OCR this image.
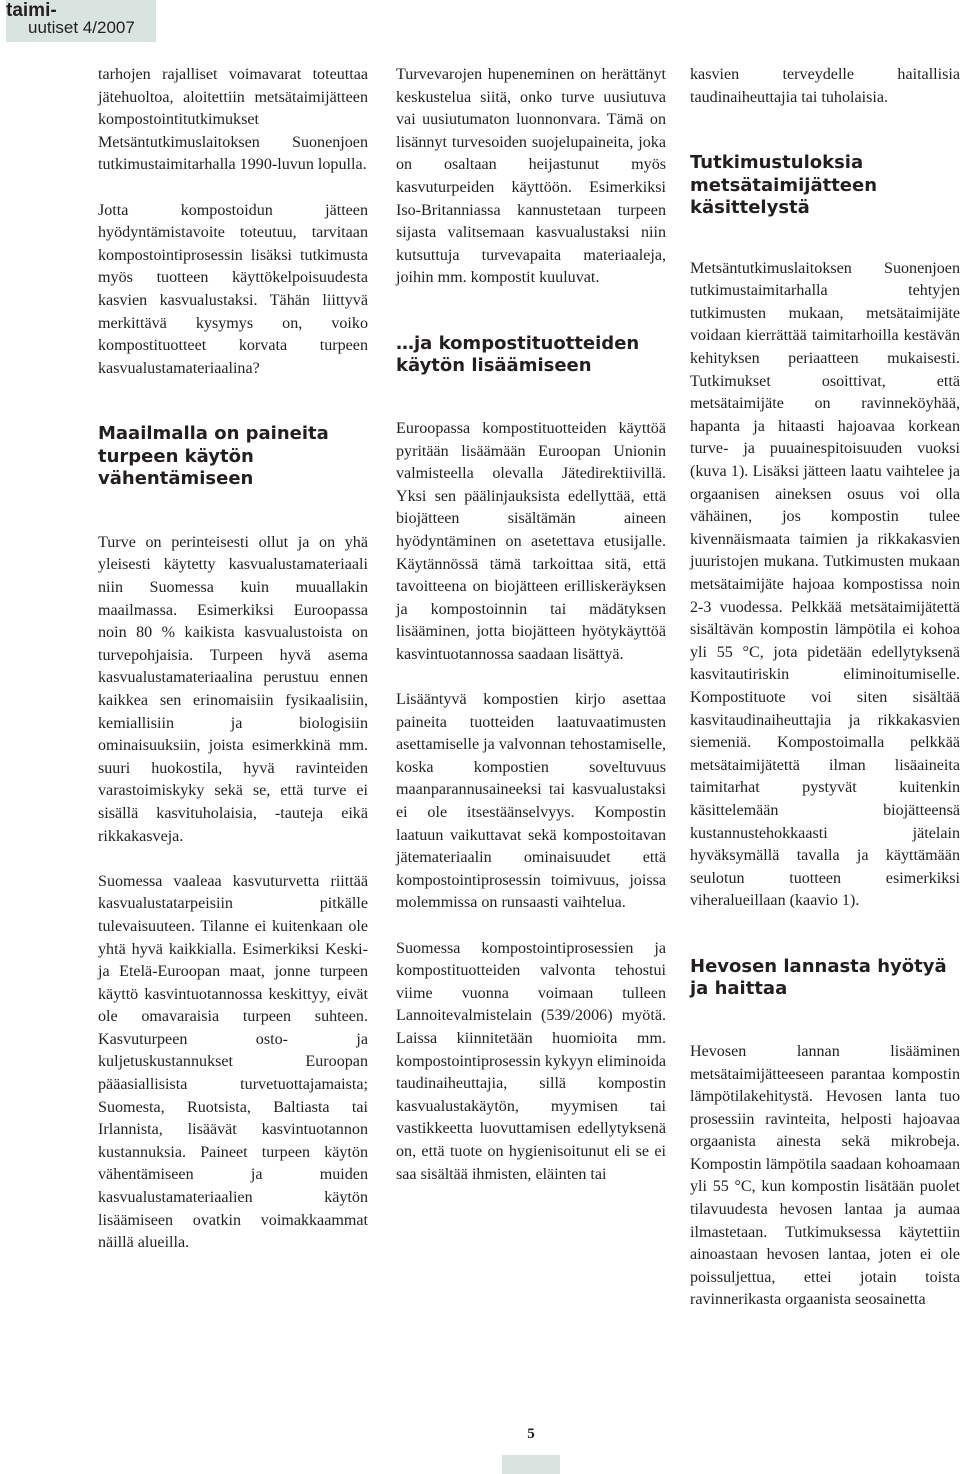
taimi-
uutiset 4/2007

tarhojen rajalliset voimavarat toteuttaa jätehuoltoa, aloitettiin metsätaimijätteen kompostointitutkimukset Metsäntutkimuslaitoksen Suonenjoen tutkimustaimitarhalla 1990-luvun lopulla.

Jotta kompostoidun jätteen hyödyntämistavoite toteutuu, tarvitaan kompostointiprosessin lisäksi tutkimusta myös tuotteen käyttökelpoisuudesta kasvien kasvualustaksi. Tähän liittyvä merkittävä kysymys on, voiko kompostituotteet korvata turpeen kasvualustamateriaalina?

Maailmalla on paineita turpeen käytön vähentämiseen

Turve on perinteisesti ollut ja on yhä yleisesti käytetty kasvualustamateriaali niin Suomessa kuin muuallakin maailmassa. Esimerkiksi Euroopassa noin 80 % kaikista kasvualustoista on turvepohjaisia. Turpeen hyvä asema kasvualustamateriaalina perustuu ennen kaikkea sen erinomaisiin fysikaalisiin, kemiallisiin ja biologisiin ominaisuuksiin, joista esimerkkinä mm. suuri huokostila, hyvä ravinteiden varastoimiskyky sekä se, että turve ei sisällä kasvituholaisia, -tauteja eikä rikkakasveja.

Suomessa vaaleaa kasvuturvetta riittää kasvualustatarpeisiin pitkälle tulevaisuuteen. Tilanne ei kuitenkaan ole yhtä hyvä kaikkialla. Esimerkiksi Keski- ja Etelä-Euroopan maat, jonne turpeen käyttö kasvintuotannossa keskittyy, eivät ole omavaraisia turpeen suhteen. Kasvuturpeen osto- ja kuljetuskustannukset Euroopan pääasiallisista turvetuottajamaista; Suomesta, Ruotsista, Baltiasta tai Irlannista, lisäävät kasvintuotannon kustannuksia. Paineet turpeen käytön vähentämiseen ja muiden kasvualustamateriaalien käytön lisäämiseen ovatkin voimakkaammat näillä alueilla.

Turvevarojen hupeneminen on herättänyt keskustelua siitä, onko turve uusiutuva vai uusiutumaton luonnonvara. Tämä on lisännyt turvesoiden suojelupaineita, joka on osaltaan heijastunut myös kasvuturpeiden käyttöön. Esimerkiksi Iso-Britanniassa kannustetaan turpeen sijasta valitsemaan kasvualustaksi niin kutsuttuja turvevapaita materiaaleja, joihin mm. kompostit kuuluvat.

…ja kompostituotteiden käytön lisäämiseen

Euroopassa kompostituotteiden käyttöä pyritään lisäämään Euroopan Unionin valmisteella olevalla Jätedirektiivillä. Yksi sen päälinjauksista edellyttää, että biojätteen sisältämän aineen hyödyntäminen on asetettava etusijalle. Käytännössä tämä tarkoittaa sitä, että tavoitteena on biojätteen erilliskeräyksen ja kompostoinnin tai mädätyksen lisääminen, jotta biojätteen hyötykäyttöä kasvintuotannossa saadaan lisättyä.

Lisääntyvä kompostien kirjo asettaa paineita tuotteiden laatuvaatimusten asettamiselle ja valvonnan tehostamiselle, koska kompostien soveltuvuus maanparannusaineeksi tai kasvualustaksi ei ole itsestäänselvyys. Kompostin laatuun vaikuttavat sekä kompostoitavan jätemateriaalin ominaisuudet että kompostointiprosessin toimivuus, joissa molemmissa on runsaasti vaihtelua.

Suomessa kompostointiprosessien ja kompostituotteiden valvonta tehostui viime vuonna voimaan tulleen Lannoitevalmistelain (539/2006) myötä. Laissa kiinnitetään huomioita mm. kompostointiprosessin kykyyn eliminoida taudinaiheuttajia, sillä kompostin kasvualustakäytön, myymisen tai vastikkeetta luovuttamisen edellytyksenä on, että tuote on hygienisoitunut eli se ei saa sisältää ihmisten, eläinten tai

kasvien terveydelle haitallisia taudinaiheuttajia tai tuholaisia.

Tutkimustuloksia metsätaimijätteen käsittelystä

Metsäntutkimuslaitoksen Suonenjoen tutkimustaimitarhalla tehtyjen tutkimusten mukaan, metsätaimijäte voidaan kierrättää taimitarhoilla kestävän kehityksen periaatteen mukaisesti. Tutkimukset osoittivat, että metsätaimijäte on ravinneköyhää, hapanta ja hitaasti hajoavaa korkean turve- ja puuainespitoisuuden vuoksi (kuva 1). Lisäksi jätteen laatu vaihtelee ja orgaanisen aineksen osuus voi olla vähäinen, jos kompostin tulee kivennäismaata taimien ja rikkakasvien juuristojen mukana. Tutkimusten mukaan metsätaimijäte hajoaa kompostissa noin 2-3 vuodessa. Pelkkää metsätaimijätettä sisältävän kompostin lämpötila ei kohoa yli 55 °C, jota pidetään edellytyksenä kasvitautiriskin eliminoitumiselle. Kompostituote voi siten sisältää kasvitaudinaiheuttajia ja rikkakasvien siemeniä. Kompostoimalla pelkkää metsätaimijätettä ilman lisäaineita taimitarhat pystyvät kuitenkin käsittelemään biojätteensä kustannustehokkaasti jätelain hyväksymällä tavalla ja käyttämään seulotun tuotteen esimerkiksi viheralueillaan (kaavio 1).

Hevosen lannasta hyötyä ja haittaa

Hevosen lannan lisääminen metsätaimijätteeseen parantaa kompostin lämpötilakehitystä. Hevosen lanta tuo prosessiin ravinteita, helposti hajoavaa orgaanista ainesta sekä mikrobeja. Kompostin lämpötila saadaan kohoamaan yli 55 °C, kun kompostin lisätään puolet tilavuudesta hevosen lantaa ja aumaa ilmastetaan. Tutkimuksessa käytettiin ainoastaan hevosen lantaa, joten ei ole poissuljettua, ettei jotain toista ravinnerikasta orgaanista seosainetta

5
